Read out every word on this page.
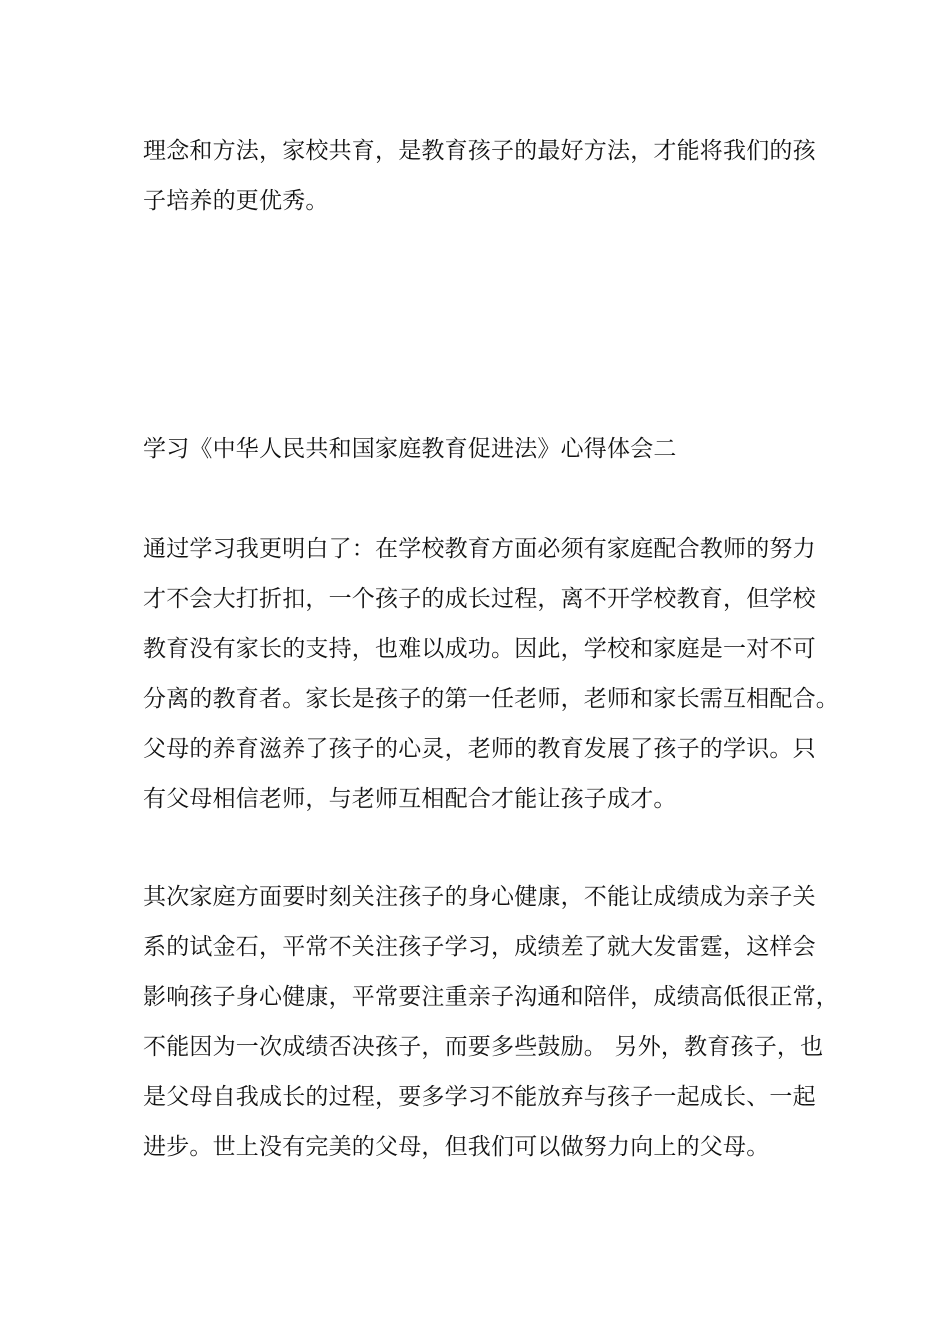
理念和方法，家校共育，是教育孩子的最好方法，才能将我们的孩
子培养的更优秀。
学习《中华人民共和国家庭教育促进法》心得体会二
通过学习我更明白了：在学校教育方面必须有家庭配合教师的努力
才不会大打折扣，一个孩子的成长过程，离不开学校教育，但学校
教育没有家长的支持，也难以成功。因此，学校和家庭是一对不可
分离的教育者。家长是孩子的第一任老师，老师和家长需互相配合。
父母的养育滋养了孩子的心灵，老师的教育发展了孩子的学识。只
有父母相信老师，与老师互相配合才能让孩子成才。
其次家庭方面要时刻关注孩子的身心健康，不能让成绩成为亲子关
系的试金石，平常不关注孩子学习，成绩差了就大发雷霆，这样会
影响孩子身心健康，平常要注重亲子沟通和陪伴，成绩高低很正常，
不能因为一次成绩否决孩子，而要多些鼓励。 另外，教育孩子，也
是父母自我成长的过程，要多学习不能放弃与孩子一起成长、一起
进步。世上没有完美的父母，但我们可以做努力向上的父母。
